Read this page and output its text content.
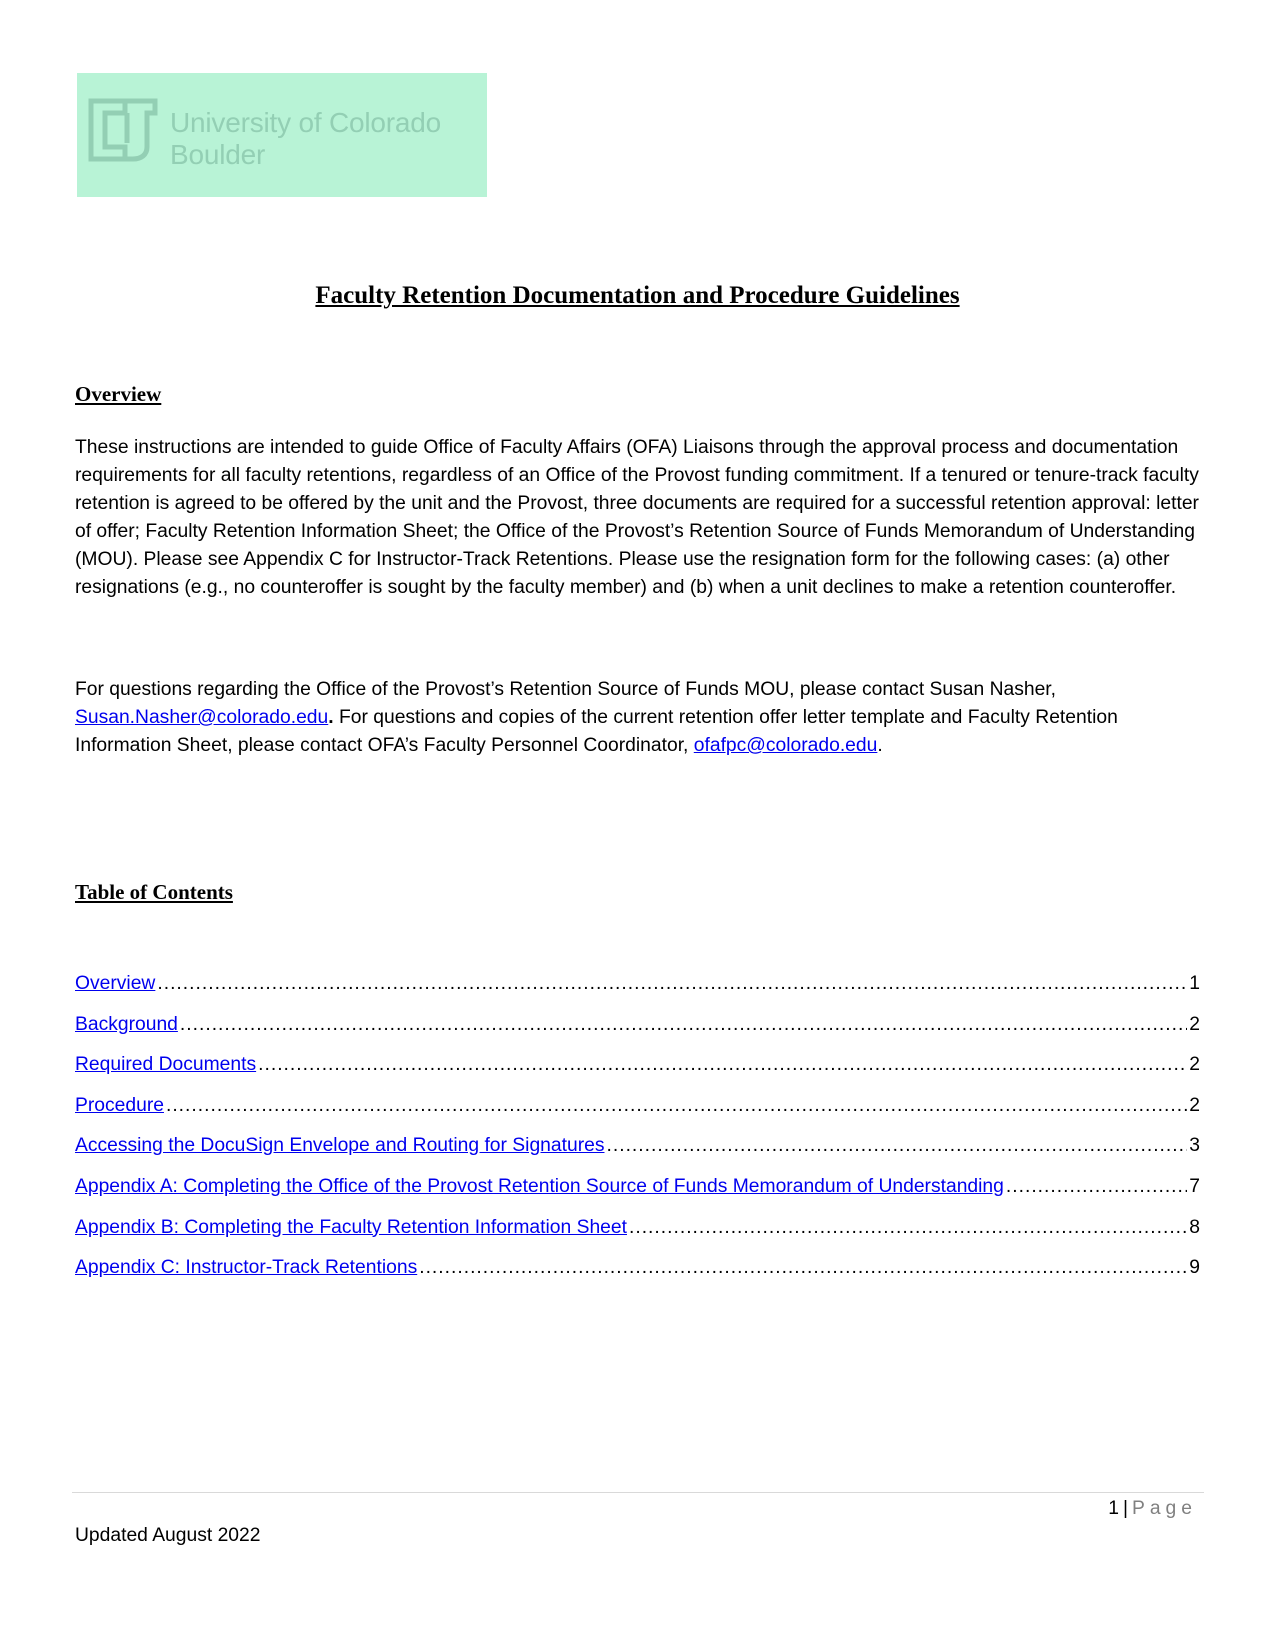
University of Colorado
Boulder
Faculty Retention Documentation and Procedure Guidelines
Overview

These instructions are intended to guide Office of Faculty Affairs (OFA) Liaisons through the approval process and documentation requirements for all faculty retentions, regardless of an Office of the Provost funding commitment. If a tenured or tenure-track faculty retention is agreed to be offered by the unit and the Provost, three documents are required for a successful retention approval: letter of offer; Faculty Retention Information Sheet; the Office of the Provost’s Retention Source of Funds Memorandum of Understanding (MOU). Please see Appendix C for Instructor-Track Retentions. Please use the resignation form for the following cases: (a) other resignations (e.g., no counteroffer is sought by the faculty member) and (b) when a unit declines to make a retention counteroffer.

For questions regarding the Office of the Provost’s Retention Source of Funds MOU, please contact Susan Nasher, Susan.Nasher@colorado.edu. For questions and copies of the current retention offer letter template and Faculty Retention Information Sheet, please contact OFA’s Faculty Personnel Coordinator, ofafpc@colorado.edu.

Table of Contents
Overview .....	1
Background .....	2
Required Documents .....	2
Procedure .....	2
Accessing the DocuSign Envelope and Routing for Signatures .....	3
Appendix A: Completing the Office of the Provost Retention Source of Funds Memorandum of Understanding .....	7
Appendix B: Completing the Faculty Retention Information Sheet .....	8
Appendix C: Instructor-Track Retentions .....	9
1 | Page
Updated August 2022
